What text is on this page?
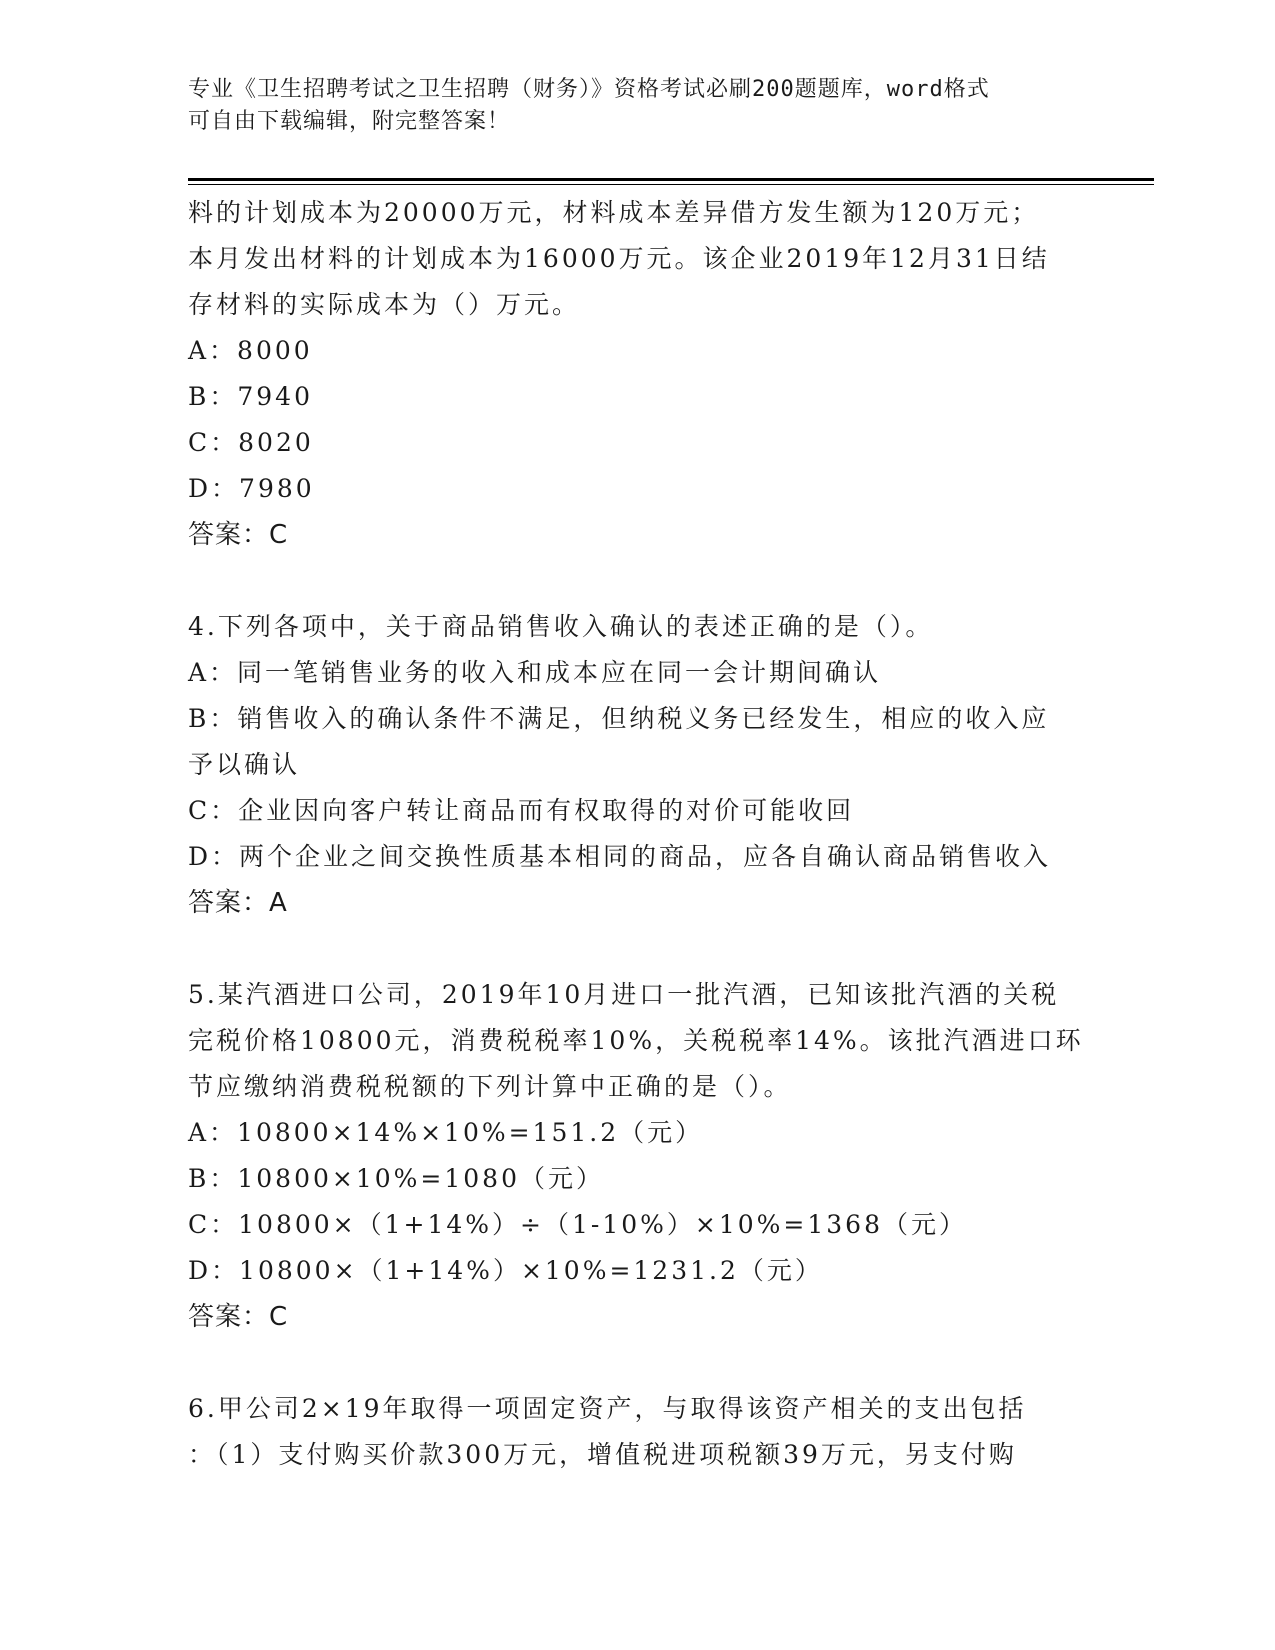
专业《卫生招聘考试之卫生招聘（财务）》资格考试必刷200题题库，word格式
可自由下载编辑，附完整答案！
料的计划成本为20000万元，材料成本差异借方发生额为120万元；
本月发出材料的计划成本为16000万元。该企业2019年12月31日结
存材料的实际成本为（）万元。
A：8000
B：7940
C：8020
D：7980
答案：C
4.下列各项中，关于商品销售收入确认的表述正确的是（）。
A：同一笔销售业务的收入和成本应在同一会计期间确认
B：销售收入的确认条件不满足，但纳税义务已经发生，相应的收入应
予以确认
C：企业因向客户转让商品而有权取得的对价可能收回
D：两个企业之间交换性质基本相同的商品，应各自确认商品销售收入
答案：A
5.某汽酒进口公司，2019年10月进口一批汽酒，已知该批汽酒的关税
完税价格10800元，消费税税率10%，关税税率14%。该批汽酒进口环
节应缴纳消费税税额的下列计算中正确的是（）。
A：10800×14%×10%=151.2（元）
B：10800×10%=1080（元）
C：10800×（1+14%）÷（1-10%）×10%=1368（元）
D：10800×（1+14%）×10%=1231.2（元）
答案：C
6.甲公司2×19年取得一项固定资产，与取得该资产相关的支出包括
：（1）支付购买价款300万元，增值税进项税额39万元，另支付购
